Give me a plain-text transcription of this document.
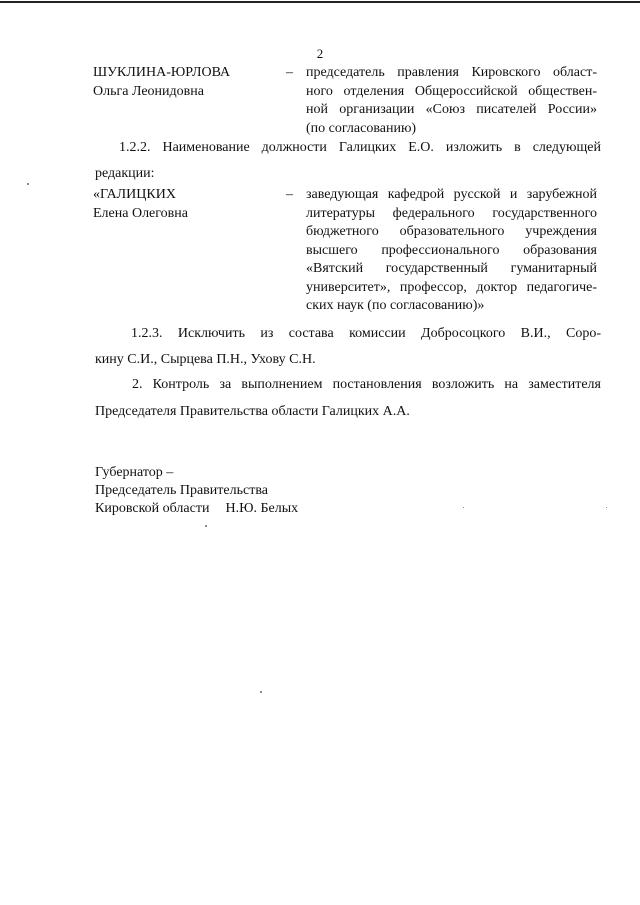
2
ШУКЛИНА-ЮРЛОВА
Ольга Леонидовна
– председатель правления Кировского област-
ного отделения Общероссийской обществен-
ной организации «Союз писателей России»
(по согласованию)
1.2.2. Наименование должности Галицких Е.О. изложить в следующей
редакции:
«ГАЛИЦКИХ
Елена Олеговна
– заведующая кафедрой русской и зарубежной
литературы федерального государственного
бюджетного образовательного учреждения
высшего профессионального образования
«Вятский государственный гуманитарный
университет», профессор, доктор педагогиче-
ских наук (по согласованию)»
1.2.3. Исключить из состава комиссии Добросоцкого В.И., Соро-
кину С.И., Сырцева П.Н., Ухову С.Н.
2. Контроль за выполнением постановления возложить на заместителя
Председателя Правительства области Галицких А.А.
Губернатор –
Председатель Правительства
Кировской области Н.Ю. Белых
